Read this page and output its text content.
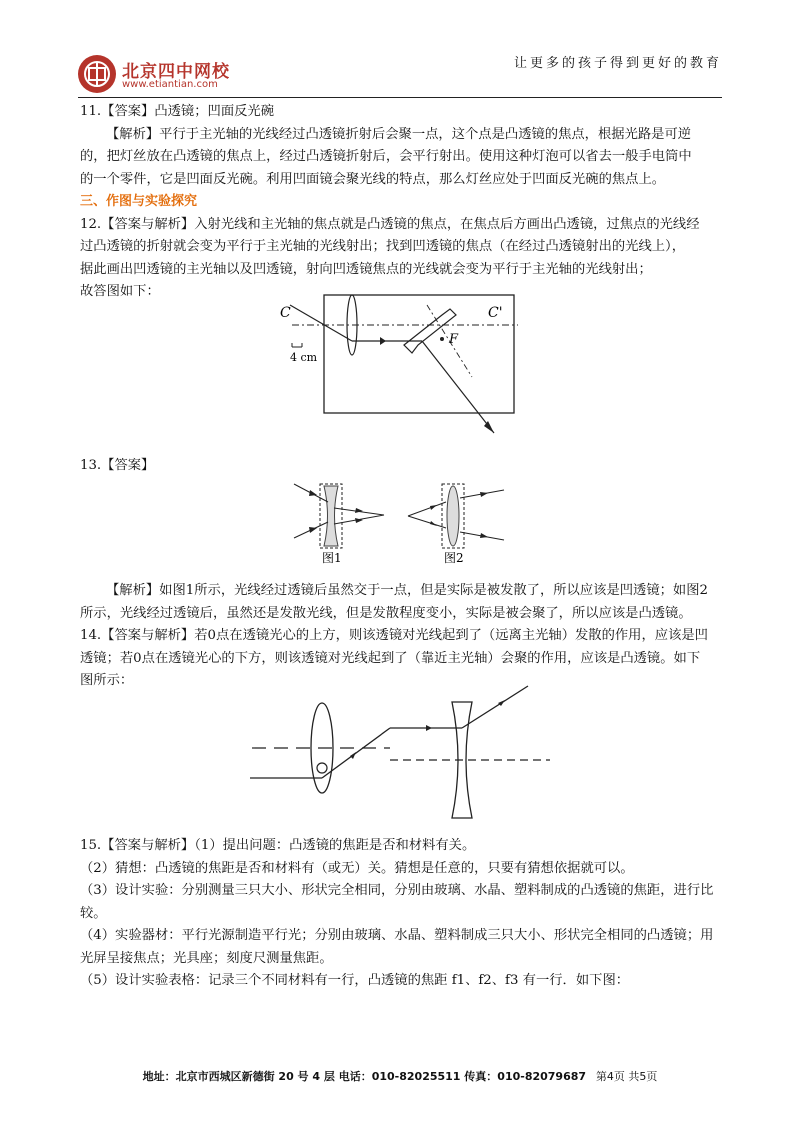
北京四中网校
www.etiantian.com
让更多的孩子得到更好的教育
11.【答案】凸透镜；凹面反光碗
【解析】平行于主光轴的光线经过凸透镜折射后会聚一点，这个点是凸透镜的焦点，根据光路是可逆
的，把灯丝放在凸透镜的焦点上，经过凸透镜折射后，会平行射出。使用这种灯泡可以省去一般手电筒中
的一个零件，它是凹面反光碗。利用凹面镜会聚光线的特点，那么灯丝应处于凹面反光碗的焦点上。
三、作图与实验探究
12.【答案与解析】入射光线和主光轴的焦点就是凸透镜的焦点，在焦点后方画出凸透镜，过焦点的光线经
过凸透镜的折射就会变为平行于主光轴的光线射出；找到凹透镜的焦点（在经过凸透镜射出的光线上），
据此画出凹透镜的主光轴以及凹透镜，射向凹透镜焦点的光线就会变为平行于主光轴的光线射出；
故答图如下：
C	C'
F
4 cm
13.【答案】
图1	图2
【解析】如图1所示，光线经过透镜后虽然交于一点，但是实际是被发散了，所以应该是凹透镜；如图2
所示，光线经过透镜后，虽然还是发散光线，但是发散程度变小，实际是被会聚了，所以应该是凸透镜。
14.【答案与解析】若0点在透镜光心的上方，则该透镜对光线起到了（远离主光轴）发散的作用，应该是凹
透镜；若0点在透镜光心的下方，则该透镜对光线起到了（靠近主光轴）会聚的作用，应该是凸透镜。如下
图所示：
15.【答案与解析】（1）提出问题：凸透镜的焦距是否和材料有关。
（2）猜想：凸透镜的焦距是否和材料有（或无）关。猜想是任意的，只要有猜想依据就可以。
（3）设计实验：分别测量三只大小、形状完全相同，分别由玻璃、水晶、塑料制成的凸透镜的焦距，进行比
较。
（4）实验器材：平行光源制造平行光；分别由玻璃、水晶、塑料制成三只大小、形状完全相同的凸透镜；用
光屏呈接焦点；光具座；刻度尺测量焦距。
（5）设计实验表格：记录三个不同材料有一行，凸透镜的焦距 f1、f2、f3 有一行．如下图：
地址：北京市西城区新德街 20 号 4 层 电话：010-82025511 传真：010-82079687 第4页 共5页
